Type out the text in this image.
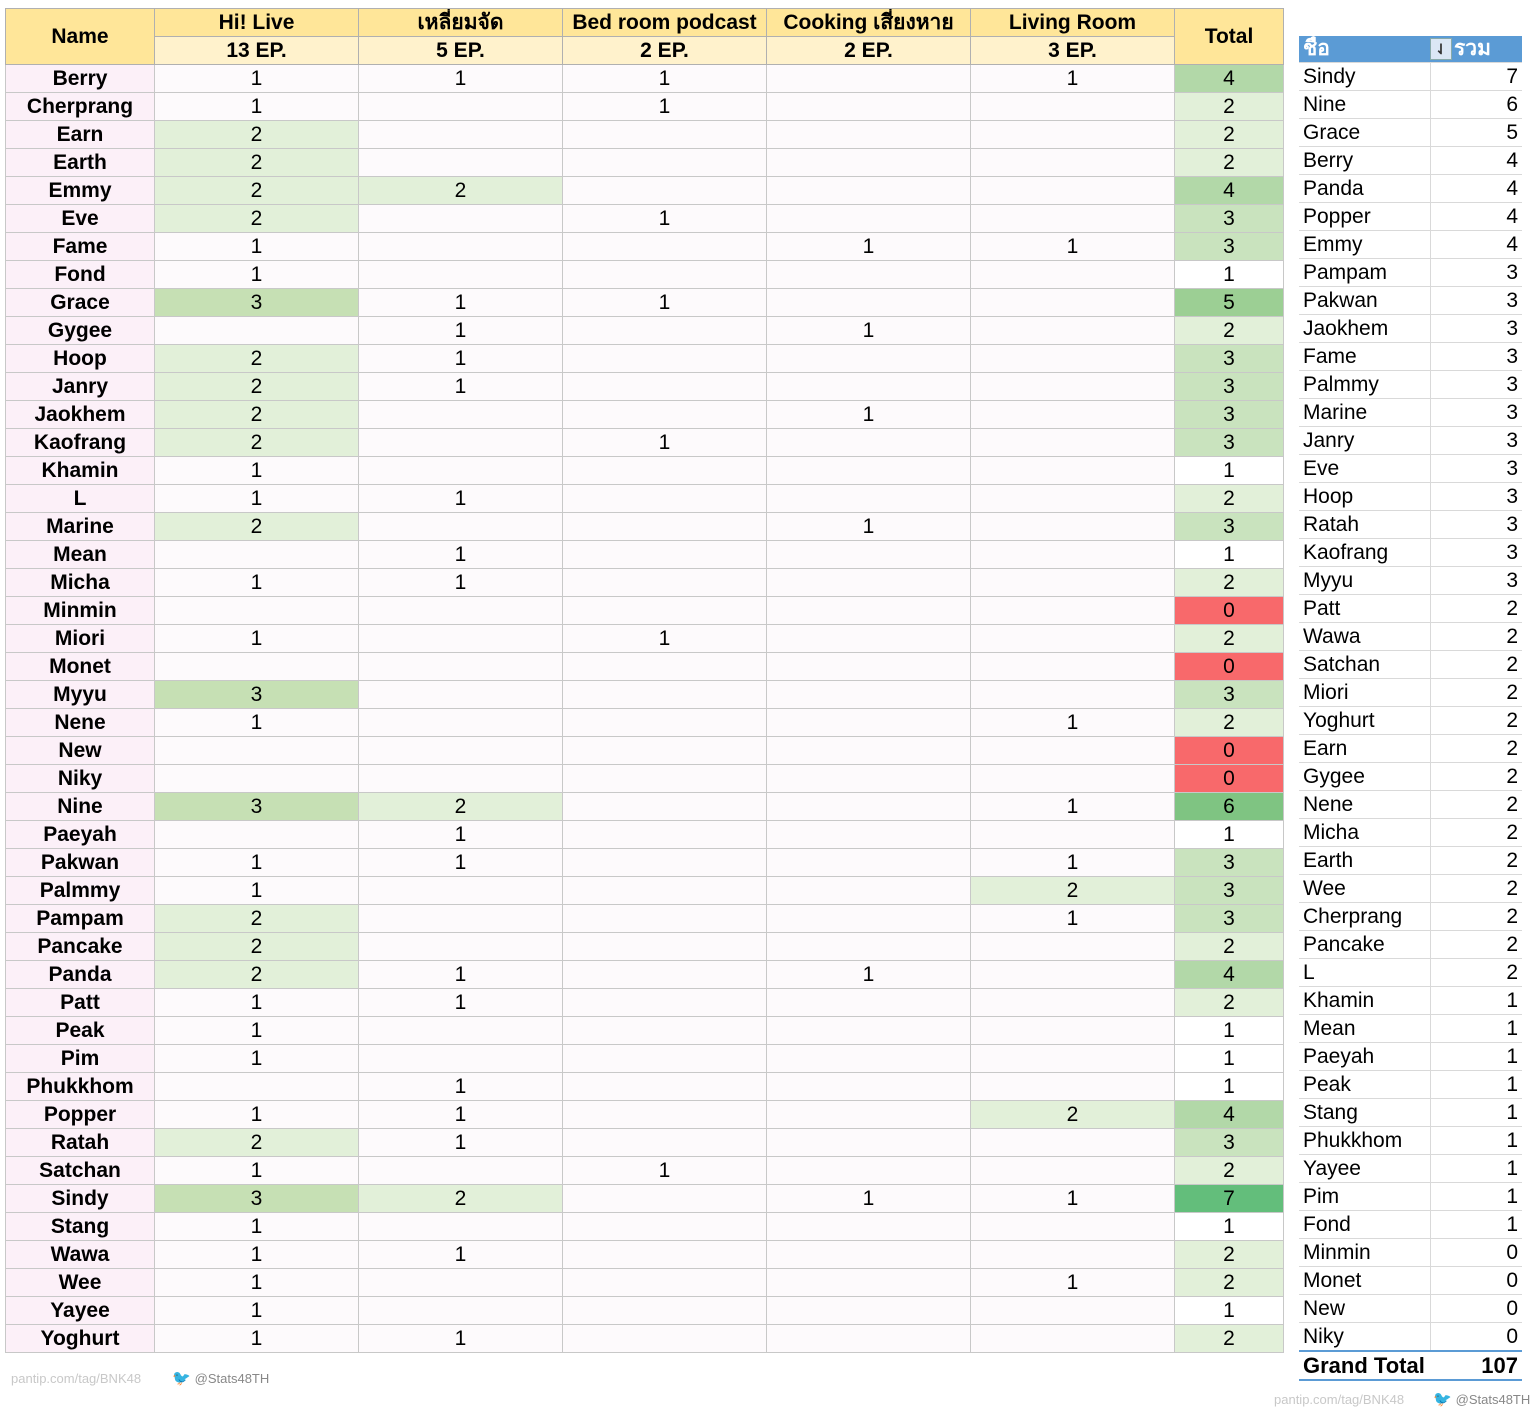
Name	Hi! Live	เหลี่ยมจัด	Bed room podcast	Cooking เสี่ยงหาย	Living Room	Total
	13 EP.	5 EP.	2 EP.	2 EP.	3 EP.	
Berry	1	1	1		1	4
Cherprang	1		1			2
Earn	2					2
Earth	2					2
Emmy	2	2				4
Eve	2		1			3
Fame	1			1	1	3
Fond	1					1
Grace	3	1	1			5
Gygee		1		1		2
Hoop	2	1				3
Janry	2	1				3
Jaokhem	2			1		3
Kaofrang	2		1			3
Khamin	1					1
L	1	1				2
Marine	2			1		3
Mean		1				1
Micha	1	1				2
Minmin						0
Miori	1		1			2
Monet						0
Myyu	3					3
Nene	1				1	2
New						0
Niky						0
Nine	3	2			1	6
Paeyah		1				1
Pakwan	1	1			1	3
Palmmy	1				2	3
Pampam	2				1	3
Pancake	2					2
Panda	2	1		1		4
Patt	1	1				2
Peak	1					1
Pim	1					1
Phukkhom		1				1
Popper	1	1			2	4
Ratah	2	1				3
Satchan	1		1			2
Sindy	3	2		1	1	7
Stang	1					1
Wawa	1	1				2
Wee	1				1	2
Yayee	1					1
Yoghurt	1	1				2
ชื่อ	⇃ รวม
Sindy	7
Nine	6
Grace	5
Berry	4
Panda	4
Popper	4
Emmy	4
Pampam	3
Pakwan	3
Jaokhem	3
Fame	3
Palmmy	3
Marine	3
Janry	3
Eve	3
Hoop	3
Ratah	3
Kaofrang	3
Myyu	3
Patt	2
Wawa	2
Satchan	2
Miori	2
Yoghurt	2
Earn	2
Gygee	2
Nene	2
Micha	2
Earth	2
Wee	2
Cherprang	2
Pancake	2
L	2
Khamin	1
Mean	1
Paeyah	1
Peak	1
Stang	1
Phukkhom	1
Yayee	1
Pim	1
Fond	1
Minmin	0
Monet	0
New	0
Niky	0
Grand Total	107
pantip.com/tag/BNK48 🐦 @Stats48TH
pantip.com/tag/BNK48 🐦 @Stats48TH
